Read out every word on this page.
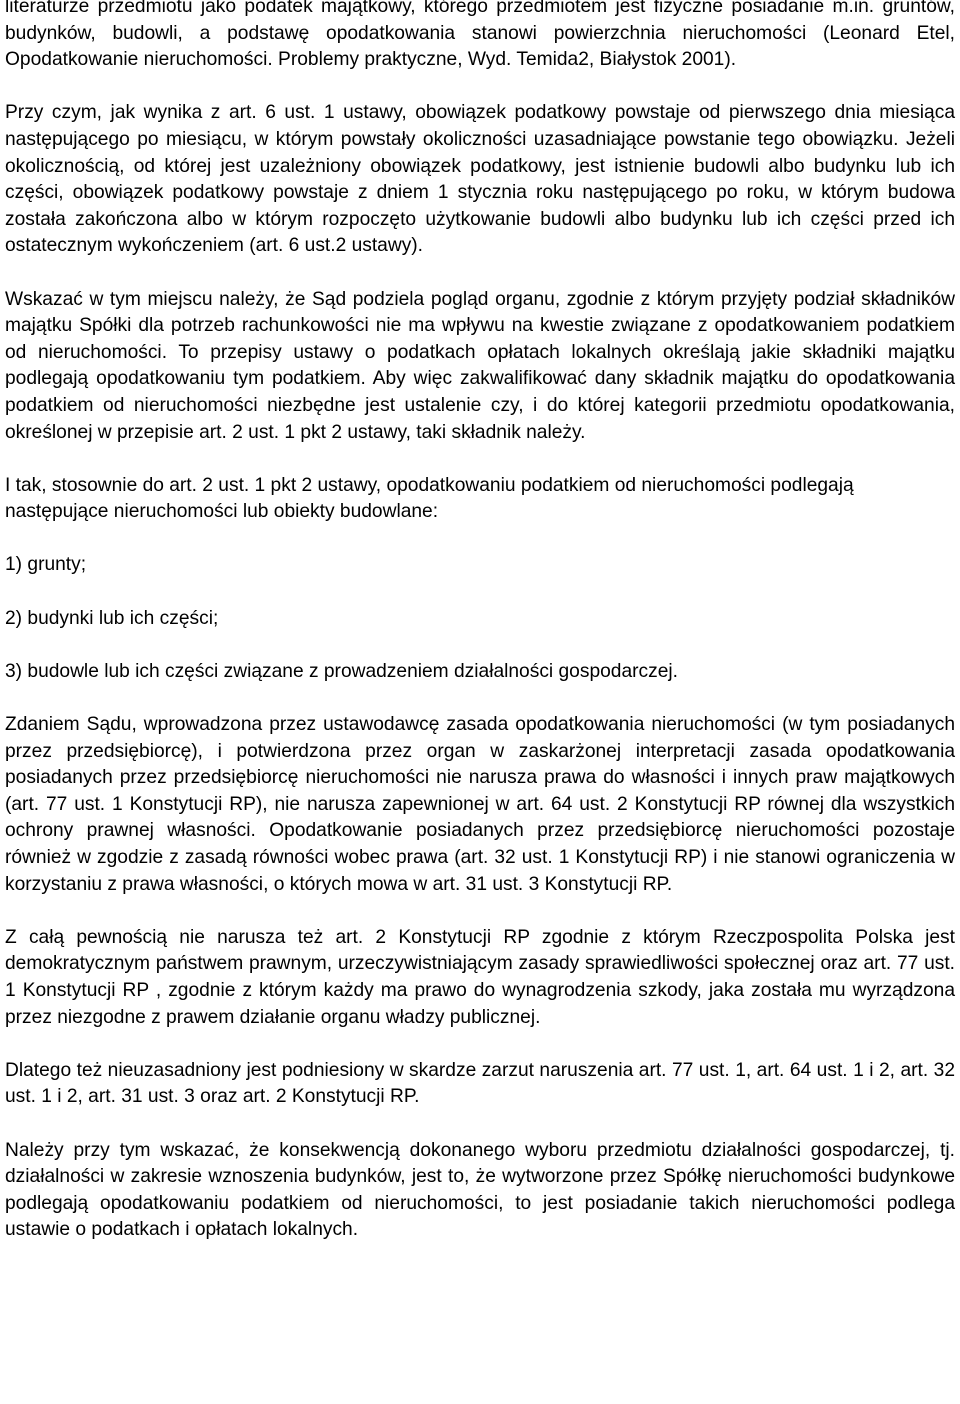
literaturze przedmiotu jako podatek majątkowy, którego przedmiotem jest fizyczne posiadanie m.in. gruntów, budynków, budowli, a podstawę opodatkowania stanowi powierzchnia nieruchomości (Leonard Etel, Opodatkowanie nieruchomości. Problemy praktyczne, Wyd. Temida2, Białystok 2001).

Przy czym, jak wynika z art. 6 ust. 1 ustawy, obowiązek podatkowy powstaje od pierwszego dnia miesiąca następującego po miesiącu, w którym powstały okoliczności uzasadniające powstanie tego obowiązku. Jeżeli okolicznością, od której jest uzależniony obowiązek podatkowy, jest istnienie budowli albo budynku lub ich części, obowiązek podatkowy powstaje z dniem 1 stycznia roku następującego po roku, w którym budowa została zakończona albo w którym rozpoczęto użytkowanie budowli albo budynku lub ich części przed ich ostatecznym wykończeniem (art. 6 ust.2 ustawy).

Wskazać w tym miejscu należy, że Sąd podziela pogląd organu, zgodnie z którym przyjęty podział składników majątku Spółki dla potrzeb rachunkowości nie ma wpływu na kwestie związane z opodatkowaniem podatkiem od nieruchomości. To przepisy ustawy o podatkach opłatach lokalnych określają jakie składniki majątku podlegają opodatkowaniu tym podatkiem. Aby więc zakwalifikować dany składnik majątku do opodatkowania podatkiem od nieruchomości niezbędne jest ustalenie czy, i do której kategorii przedmiotu opodatkowania, określonej w przepisie art. 2 ust. 1 pkt 2 ustawy, taki składnik należy.

I tak, stosownie do art. 2 ust. 1 pkt 2 ustawy, opodatkowaniu podatkiem od nieruchomości podlegają następujące nieruchomości lub obiekty budowlane:

1) grunty;

2) budynki lub ich części;

3) budowle lub ich części związane z prowadzeniem działalności gospodarczej.

Zdaniem Sądu, wprowadzona przez ustawodawcę zasada opodatkowania nieruchomości (w tym posiadanych przez przedsiębiorcę), i potwierdzona przez organ w zaskarżonej interpretacji zasada opodatkowania posiadanych przez przedsiębiorcę nieruchomości nie narusza prawa do własności i innych praw majątkowych (art. 77 ust. 1 Konstytucji RP), nie narusza zapewnionej w art. 64 ust. 2 Konstytucji RP równej dla wszystkich ochrony prawnej własności. Opodatkowanie posiadanych przez przedsiębiorcę nieruchomości pozostaje również w zgodzie z zasadą równości wobec prawa (art. 32 ust. 1 Konstytucji RP) i nie stanowi ograniczenia w korzystaniu z prawa własności, o których mowa w art. 31 ust. 3 Konstytucji RP.

Z całą pewnością nie narusza też art. 2 Konstytucji RP zgodnie z którym Rzeczpospolita Polska jest demokratycznym państwem prawnym, urzeczywistniającym zasady sprawiedliwości społecznej oraz art. 77 ust. 1 Konstytucji RP , zgodnie z którym każdy ma prawo do wynagrodzenia szkody, jaka została mu wyrządzona przez niezgodne z prawem działanie organu władzy publicznej.

Dlatego też nieuzasadniony jest podniesiony w skardze zarzut naruszenia art. 77 ust. 1, art. 64 ust. 1 i 2, art. 32 ust. 1 i 2, art. 31 ust. 3 oraz art. 2 Konstytucji RP.

Należy przy tym wskazać, że konsekwencją dokonanego wyboru przedmiotu działalności gospodarczej, tj. działalności w zakresie wznoszenia budynków, jest to, że wytworzone przez Spółkę nieruchomości budynkowe podlegają opodatkowaniu podatkiem od nieruchomości, to jest posiadanie takich nieruchomości podlega ustawie o podatkach i opłatach lokalnych.
